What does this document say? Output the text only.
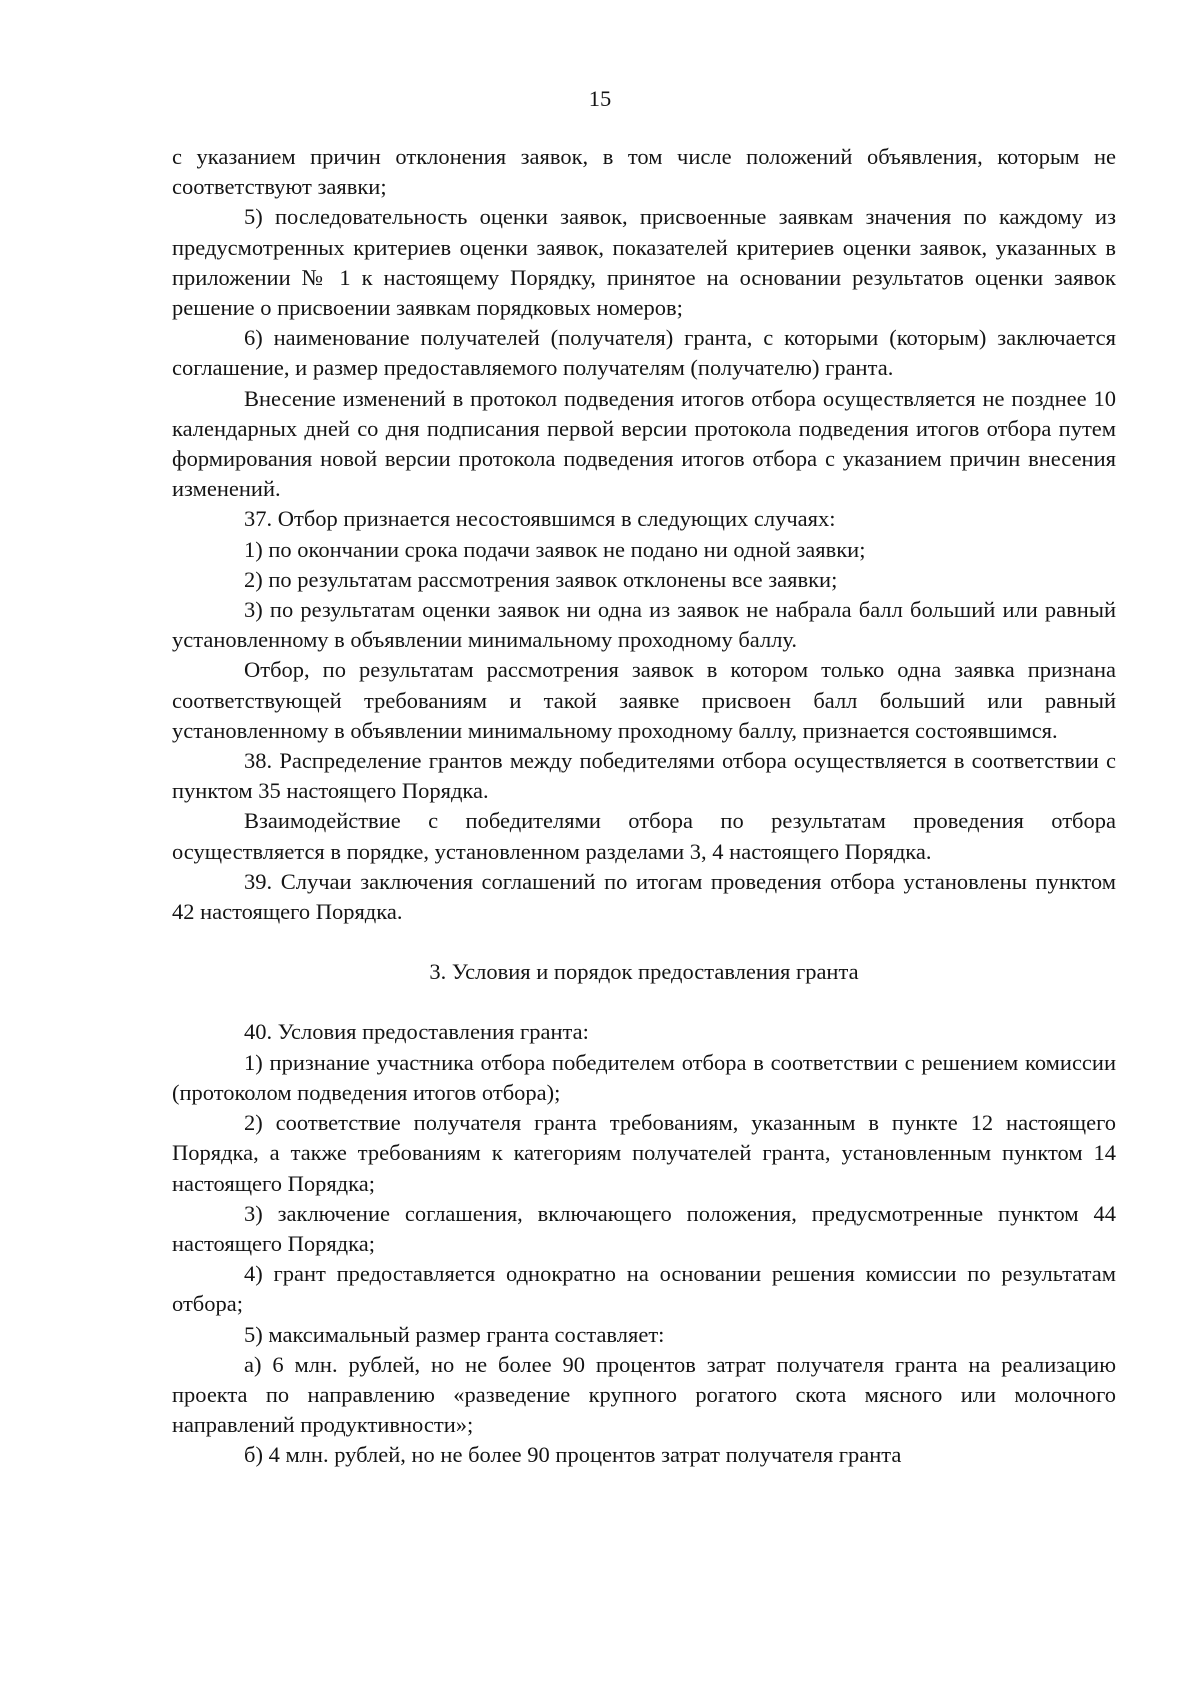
15

с указанием причин отклонения заявок, в том числе положений объявления, которым не соответствуют заявки;

5) последовательность оценки заявок, присвоенные заявкам значения по каждому из предусмотренных критериев оценки заявок, показателей критериев оценки заявок, указанных в приложении № 1 к настоящему Порядку, принятое на основании результатов оценки заявок решение о присвоении заявкам порядковых номеров;

6) наименование получателей (получателя) гранта, с которыми (которым) заключается соглашение, и размер предоставляемого получателям (получателю) гранта.

Внесение изменений в протокол подведения итогов отбора осуществляется не позднее 10 календарных дней со дня подписания первой версии протокола подведения итогов отбора путем формирования новой версии протокола подведения итогов отбора с указанием причин внесения изменений.

37. Отбор признается несостоявшимся в следующих случаях:

1) по окончании срока подачи заявок не подано ни одной заявки;

2) по результатам рассмотрения заявок отклонены все заявки;

3) по результатам оценки заявок ни одна из заявок не набрала балл больший или равный установленному в объявлении минимальному проходному баллу.

Отбор, по результатам рассмотрения заявок в котором только одна заявка признана соответствующей требованиям и такой заявке присвоен балл больший или равный установленному в объявлении минимальному проходному баллу, признается состоявшимся.

38. Распределение грантов между победителями отбора осуществляется в соответствии с пунктом 35 настоящего Порядка.

Взаимодействие с победителями отбора по результатам проведения отбора осуществляется в порядке, установленном разделами 3, 4 настоящего Порядка.

39. Случаи заключения соглашений по итогам проведения отбора установлены пунктом 42 настоящего Порядка.

3. Условия и порядок предоставления гранта

40. Условия предоставления гранта:

1) признание участника отбора победителем отбора в соответствии с решением комиссии (протоколом подведения итогов отбора);

2) соответствие получателя гранта требованиям, указанным в пункте 12 настоящего Порядка, а также требованиям к категориям получателей гранта, установленным пунктом 14 настоящего Порядка;

3) заключение соглашения, включающего положения, предусмотренные пунктом 44 настоящего Порядка;

4) грант предоставляется однократно на основании решения комиссии по результатам отбора;

5) максимальный размер гранта составляет:

а) 6 млн. рублей, но не более 90 процентов затрат получателя гранта на реализацию проекта по направлению «разведение крупного рогатого скота мясного или молочного направлений продуктивности»;

б) 4 млн. рублей, но не более 90 процентов затрат получателя гранта
